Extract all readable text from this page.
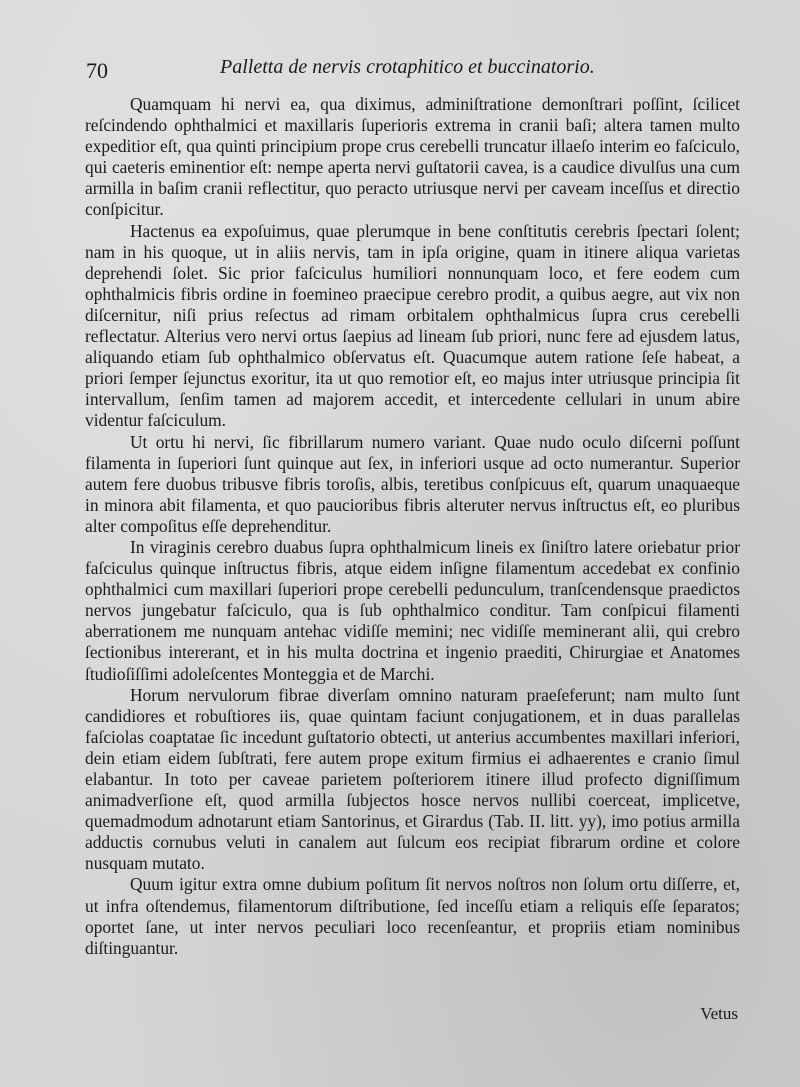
70	Palletta de nervis crotaphitico et buccinatorio.

Quamquam hi nervi ea, qua diximus, adminiſtratione demonſtrari poſſint, ſcilicet reſcindendo ophthalmici et maxillaris ſuperioris extrema in cranii baſi; altera tamen multo expeditior eſt, qua quinti principium prope crus cerebelli truncatur illaeſo interim eo faſciculo, qui caeteris eminentior eſt: nempe aperta nervi guſtatorii cavea, is a caudice divulſus una cum armilla in baſim cranii reflectitur, quo peracto utriusque nervi per caveam inceſſus et directio conſpicitur.

Hactenus ea expoſuimus, quae plerumque in bene conſtitutis cerebris ſpectari ſolent; nam in his quoque, ut in aliis nervis, tam in ipſa origine, quam in itinere aliqua varietas deprehendi ſolet. Sic prior faſciculus humiliori nonnunquam loco, et fere eodem cum ophthalmicis fibris ordine in foemineo praecipue cerebro prodit, a quibus aegre, aut vix non diſcernitur, niſi prius reſectus ad rimam orbitalem ophthalmicus ſupra crus cerebelli reflectatur. Alterius vero nervi ortus ſaepius ad lineam ſub priori, nunc fere ad ejusdem latus, aliquando etiam ſub ophthalmico obſervatus eſt. Quacumque autem ratione ſeſe habeat, a priori ſemper ſejunctus exoritur, ita ut quo remotior eſt, eo majus inter utriusque principia ſit intervallum, ſenſim tamen ad majorem accedit, et intercedente cellulari in unum abire videntur faſciculum.

Ut ortu hi nervi, ſic fibrillarum numero variant. Quae nudo oculo diſcerni poſſunt filamenta in ſuperiori ſunt quinque aut ſex, in inferiori usque ad octo numerantur. Superior autem fere duobus tribusve fibris toroſis, albis, teretibus conſpicuus eſt, quarum unaquaeque in minora abit filamenta, et quo paucioribus fibris alteruter nervus inſtructus eſt, eo pluribus alter compoſitus eſſe deprehenditur.

In viraginis cerebro duabus ſupra ophthalmicum lineis ex ſiniſtro latere oriebatur prior faſciculus quinque inſtructus fibris, atque eidem inſigne filamentum accedebat ex confinio ophthalmici cum maxillari ſuperiori prope cerebelli pedunculum, tranſcendensque praedictos nervos jungebatur faſciculo, qua is ſub ophthalmico conditur. Tam conſpicui filamenti aberrationem me nunquam antehac vidiſſe memini; nec vidiſſe meminerant alii, qui crebro ſectionibus intererant, et in his multa doctrina et ingenio praediti, Chirurgiae et Anatomes ſtudioſiſſimi adoleſcentes Monteggia et de Marchi.

Horum nervulorum fibrae diverſam omnino naturam praeſeferunt; nam multo ſunt candidiores et robuſtiores iis, quae quintam faciunt conjugationem, et in duas parallelas faſciolas coaptatae ſic incedunt guſtatorio obtecti, ut anterius accumbentes maxillari inferiori, dein etiam eidem ſubſtrati, fere autem prope exitum firmius ei adhaerentes e cranio ſimul elabantur. In toto per caveae parietem poſteriorem itinere illud profecto digniſſimum animadverſione eſt, quod armilla ſubjectos hosce nervos nullibi coerceat, implicetve, quemadmodum adnotarunt etiam Santorinus, et Girardus (Tab. II. litt. yy), imo potius armilla adductis cornubus veluti in canalem aut ſulcum eos recipiat fibrarum ordine et colore nusquam mutato.

Quum igitur extra omne dubium poſitum ſit nervos noſtros non ſolum ortu diſſerre, et, ut infra oſtendemus, filamentorum diſtributione, ſed inceſſu etiam a reliquis eſſe ſeparatos; oportet ſane, ut inter nervos peculiari loco recenſeantur, et propriis etiam nominibus diſtinguantur.

Vetus
